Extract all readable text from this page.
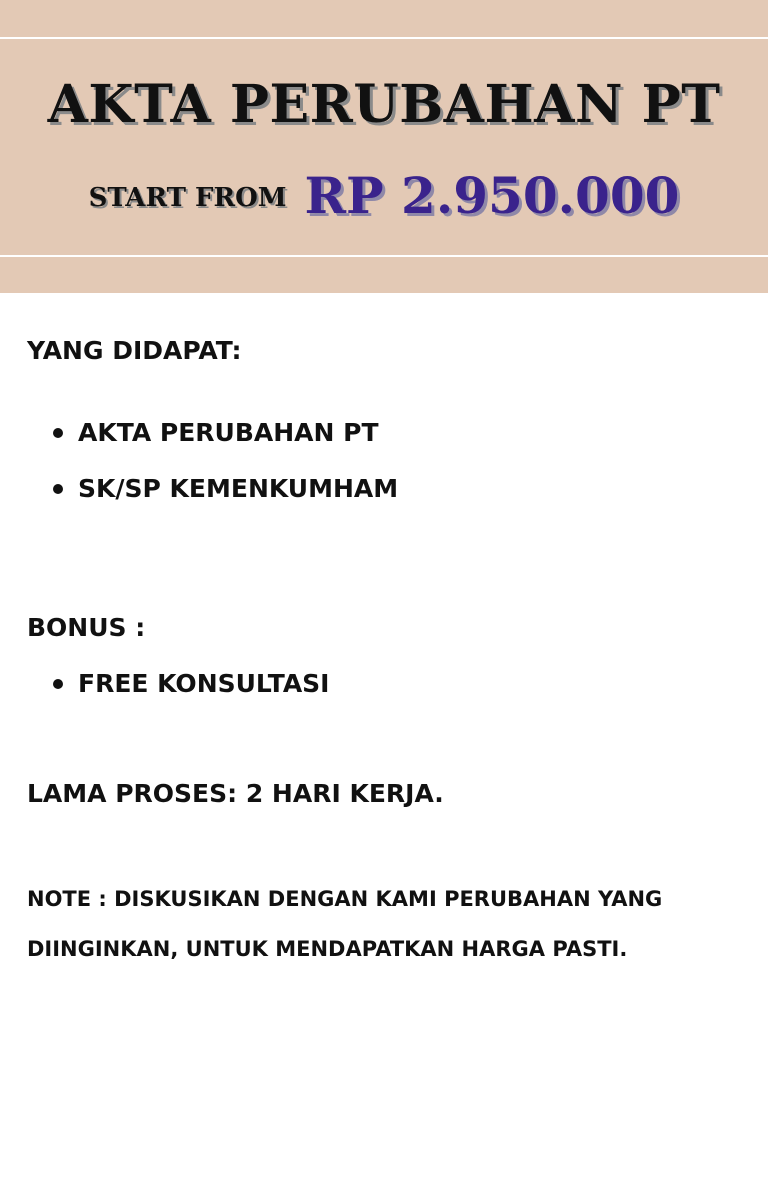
AKTA PERUBAHAN PT
START FROM RP 2.950.000
YANG DIDAPAT:
AKTA PERUBAHAN PT
SK/SP KEMENKUMHAM
BONUS :
FREE KONSULTASI
LAMA PROSES: 2 HARI KERJA.
NOTE : DISKUSIKAN DENGAN KAMI PERUBAHAN YANG
DIINGINKAN, UNTUK MENDAPATKAN HARGA PASTI.
